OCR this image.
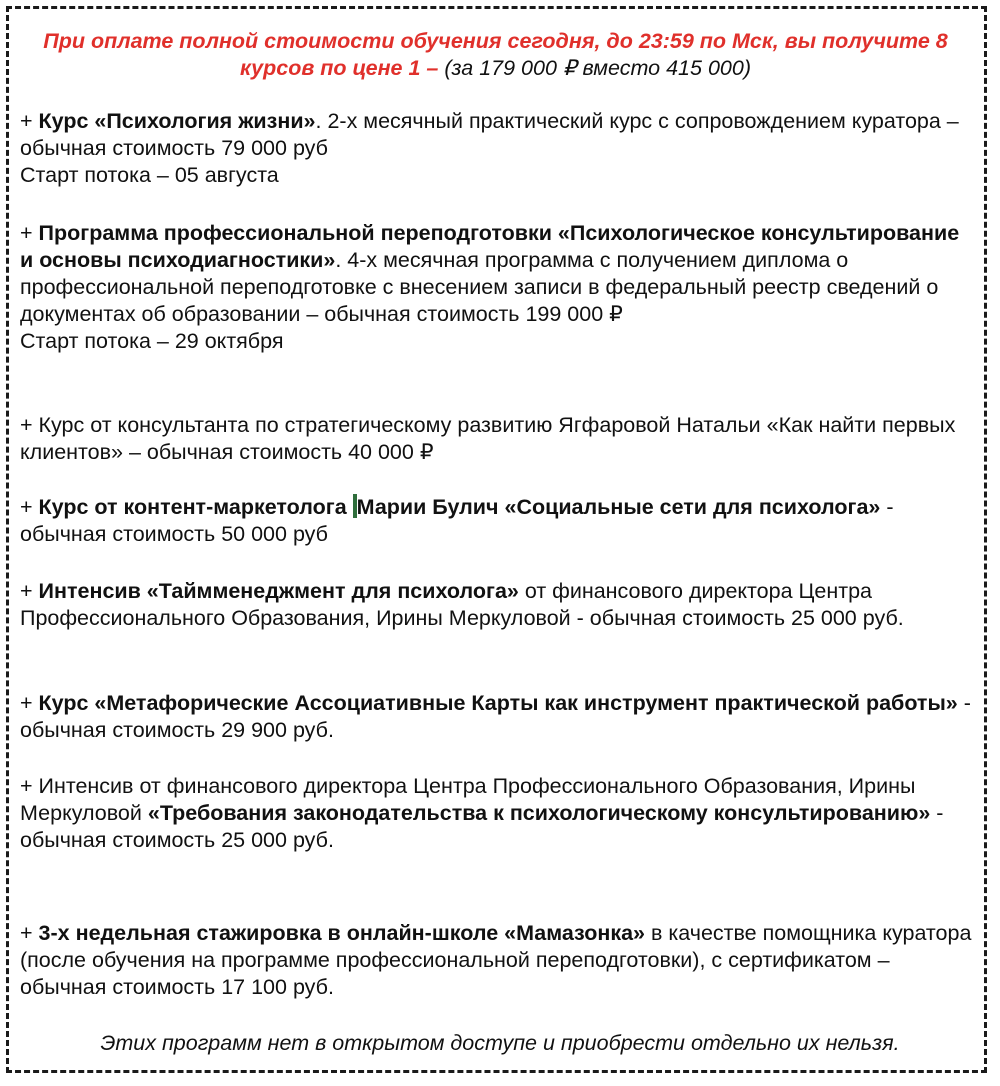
При оплате полной стоимости обучения сегодня, до 23:59 по Мск, вы получите 8 курсов по цене 1 – (за 179 000 ₽ вместо 415 000)
+ Курс «Психология жизни». 2-х месячный практический курс с сопровождением куратора – обычная стоимость 79 000 руб
Старт потока – 05 августа
+ Программа профессиональной переподготовки «Психологическое консультирование и основы психодиагностики». 4-х месячная программа с получением диплома о профессиональной переподготовке с внесением записи в федеральный реестр сведений о документах об образовании – обычная стоимость 199 000 ₽
Старт потока – 29 октября
+ Курс от консультанта по стратегическому развитию Ягфаровой Натальи «Как найти первых клиентов» – обычная стоимость 40 000 ₽
+ Курс от контент-маркетолога Марии Булич «Социальные сети для психолога» - обычная стоимость 50 000 руб
+ Интенсив «Таймменеджмент для психолога» от финансового директора Центра Профессионального Образования, Ирины Меркуловой - обычная стоимость 25 000 руб.
+ Курс «Метафорические Ассоциативные Карты как инструмент практической работы» - обычная стоимость 29 900 руб.
+ Интенсив от финансового директора Центра Профессионального Образования, Ирины Меркуловой «Требования законодательства к психологическому консультированию» - обычная стоимость 25 000 руб.
+ 3-х недельная стажировка в онлайн-школе «Мамазонка» в качестве помощника куратора (после обучения на программе профессиональной переподготовки), с сертификатом – обычная стоимость 17 100 руб.
Этих программ нет в открытом доступе и приобрести отдельно их нельзя.
